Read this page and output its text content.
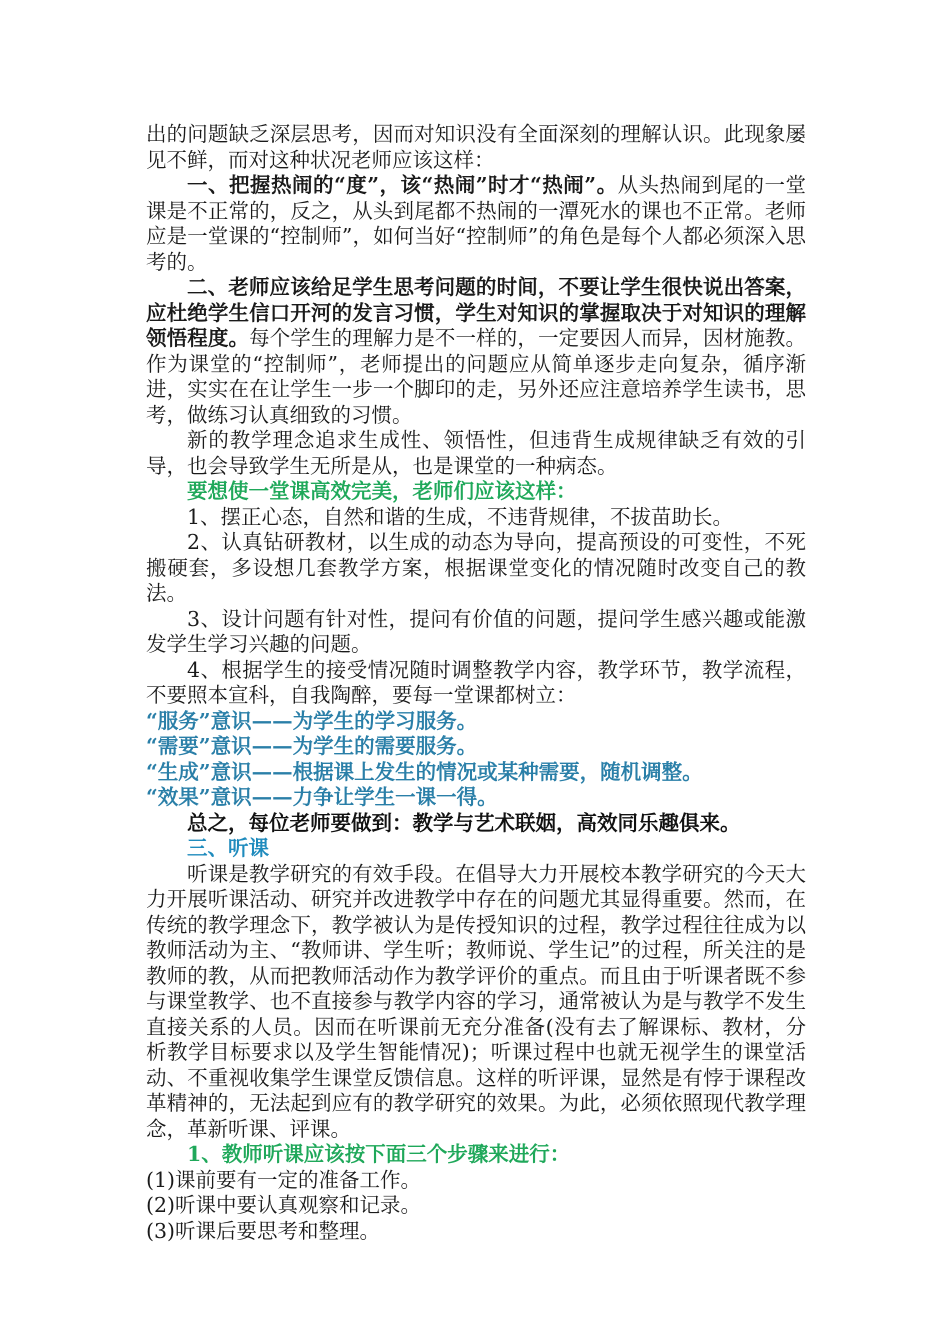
出的问题缺乏深层思考，因而对知识没有全面深刻的理解认识。此现象屡见不鲜，而对这种状况老师应该这样：

一、把握热闹的“度”，该“热闹”时才“热闹”。从头热闹到尾的一堂课是不正常的，反之，从头到尾都不热闹的一潭死水的课也不正常。老师应是一堂课的“控制师”，如何当好“控制师”的角色是每个人都必须深入思考的。

二、老师应该给足学生思考问题的时间，不要让学生很快说出答案，应杜绝学生信口开河的发言习惯，学生对知识的掌握取决于对知识的理解领悟程度。每个学生的理解力是不一样的，一定要因人而异，因材施教。作为课堂的“控制师”，老师提出的问题应从简单逐步走向复杂，循序渐进，实实在在让学生一步一个脚印的走，另外还应注意培养学生读书，思考，做练习认真细致的习惯。

新的教学理念追求生成性、领悟性，但违背生成规律缺乏有效的引导，也会导致学生无所是从，也是课堂的一种病态。

要想使一堂课高效完美，老师们应该这样：

1、摆正心态，自然和谐的生成，不违背规律，不拔苗助长。

2、认真钻研教材，以生成的动态为导向，提高预设的可变性，不死搬硬套，多设想几套教学方案，根据课堂变化的情况随时改变自己的教法。

3、设计问题有针对性，提问有价值的问题，提问学生感兴趣或能激发学生学习兴趣的问题。

4、根据学生的接受情况随时调整教学内容，教学环节，教学流程，不要照本宣科，自我陶醉，要每一堂课都树立：

“服务”意识——为学生的学习服务。

“需要”意识——为学生的需要服务。

“生成”意识——根据课上发生的情况或某种需要，随机调整。

“效果”意识——力争让学生一课一得。

总之，每位老师要做到：教学与艺术联姻，高效同乐趣俱来。

三、听课

听课是教学研究的有效手段。在倡导大力开展校本教学研究的今天大力开展听课活动、研究并改进教学中存在的问题尤其显得重要。然而，在传统的教学理念下，教学被认为是传授知识的过程，教学过程往往成为以教师活动为主、“教师讲、学生听；教师说、学生记”的过程，所关注的是教师的教，从而把教师活动作为教学评价的重点。而且由于听课者既不参与课堂教学、也不直接参与教学内容的学习，通常被认为是与教学不发生直接关系的人员。因而在听课前无充分准备(没有去了解课标、教材，分析教学目标要求以及学生智能情况)；听课过程中也就无视学生的课堂活动、不重视收集学生课堂反馈信息。这样的听评课，显然是有悖于课程改革精神的，无法起到应有的教学研究的效果。为此，必须依照现代教学理念，革新听课、评课。

1、教师听课应该按下面三个步骤来进行：

(1)课前要有一定的准备工作。

(2)听课中要认真观察和记录。

(3)听课后要思考和整理。
